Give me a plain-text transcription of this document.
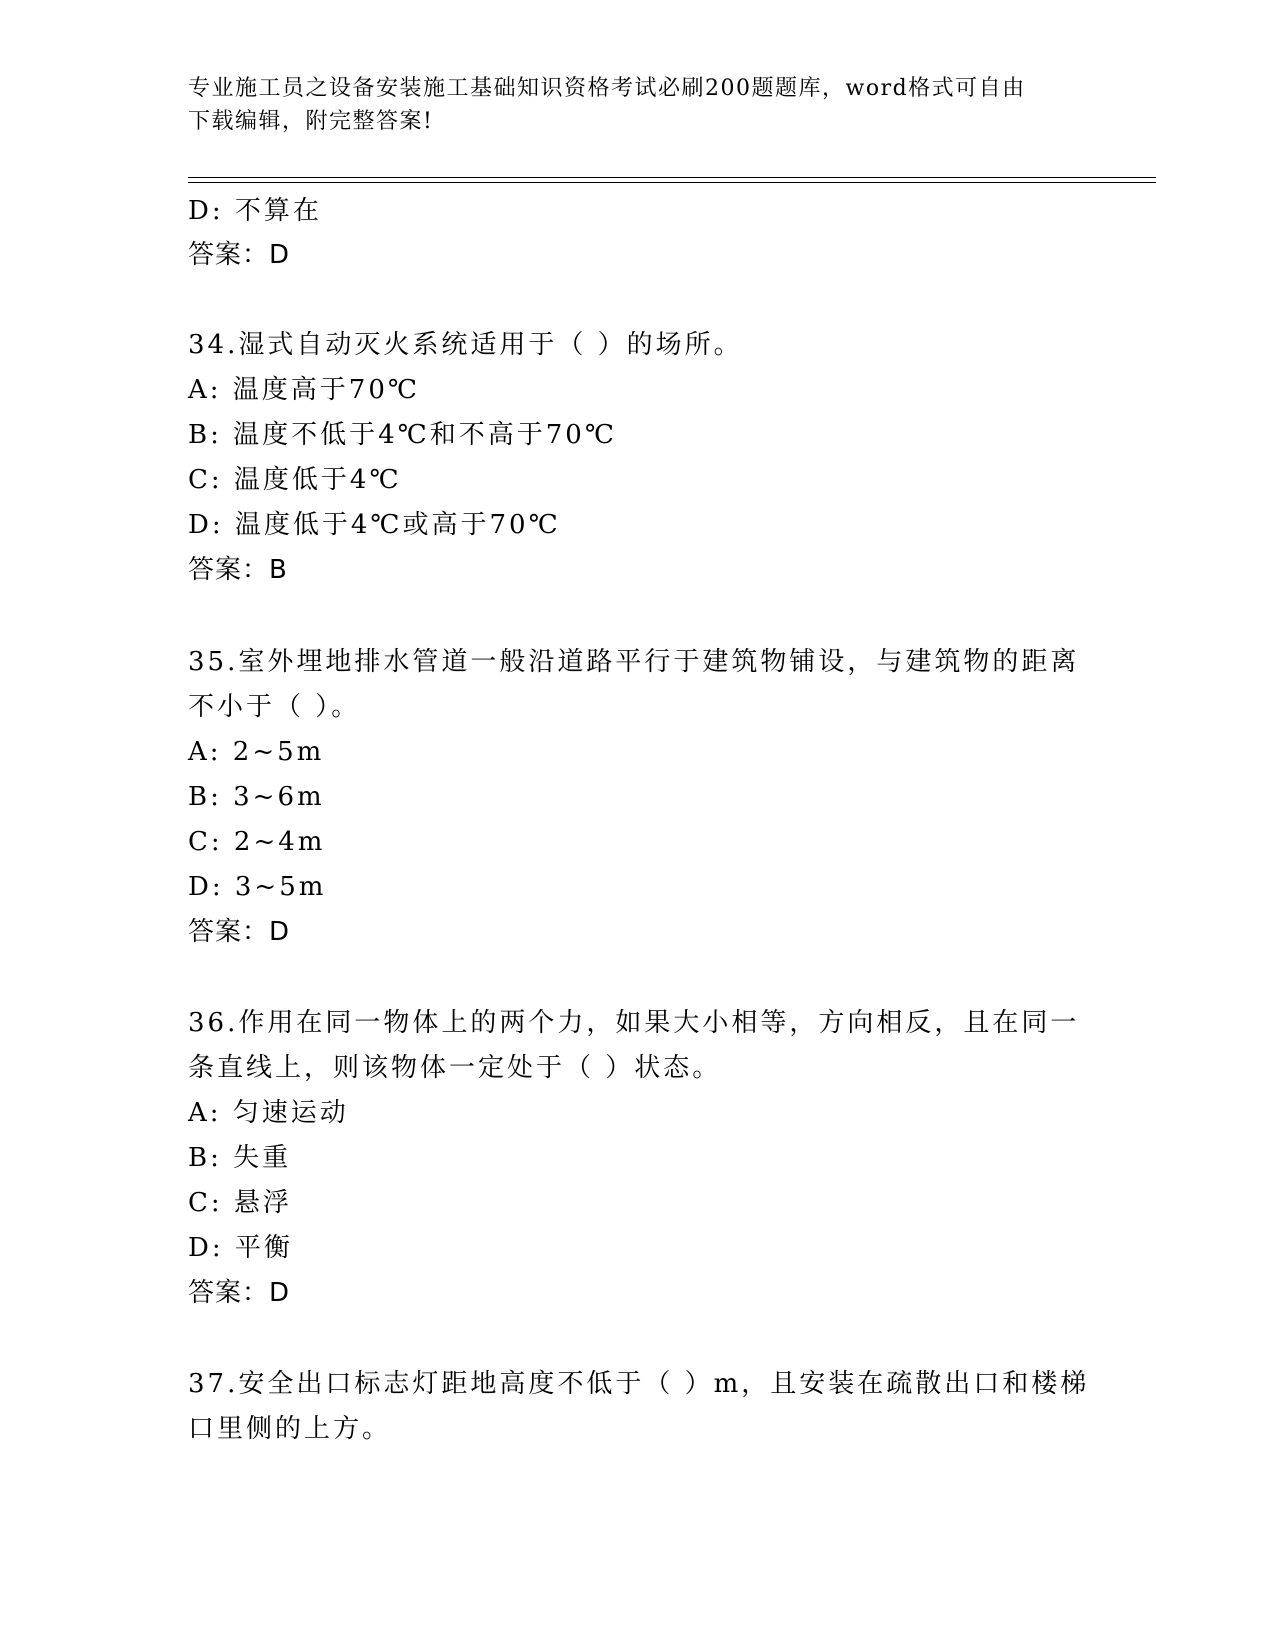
专业施工员之设备安装施工基础知识资格考试必刷200题题库，word格式可自由
下载编辑，附完整答案!
D: 不算在
答案：D
34.湿式自动灭火系统适用于（ ）的场所。
A: 温度高于70℃
B: 温度不低于4℃和不高于70℃
C: 温度低于4℃
D: 温度低于4℃或高于70℃
答案：B
35.室外埋地排水管道一般沿道路平行于建筑物铺设，与建筑物的距离
不小于（ ）。
A: 2~5m
B: 3~6m
C: 2~4m
D: 3~5m
答案：D
36.作用在同一物体上的两个力，如果大小相等，方向相反，且在同一
条直线上，则该物体一定处于（ ）状态。
A: 匀速运动
B: 失重
C: 悬浮
D: 平衡
答案：D
37.安全出口标志灯距地高度不低于（ ）m，且安装在疏散出口和楼梯
口里侧的上方。
